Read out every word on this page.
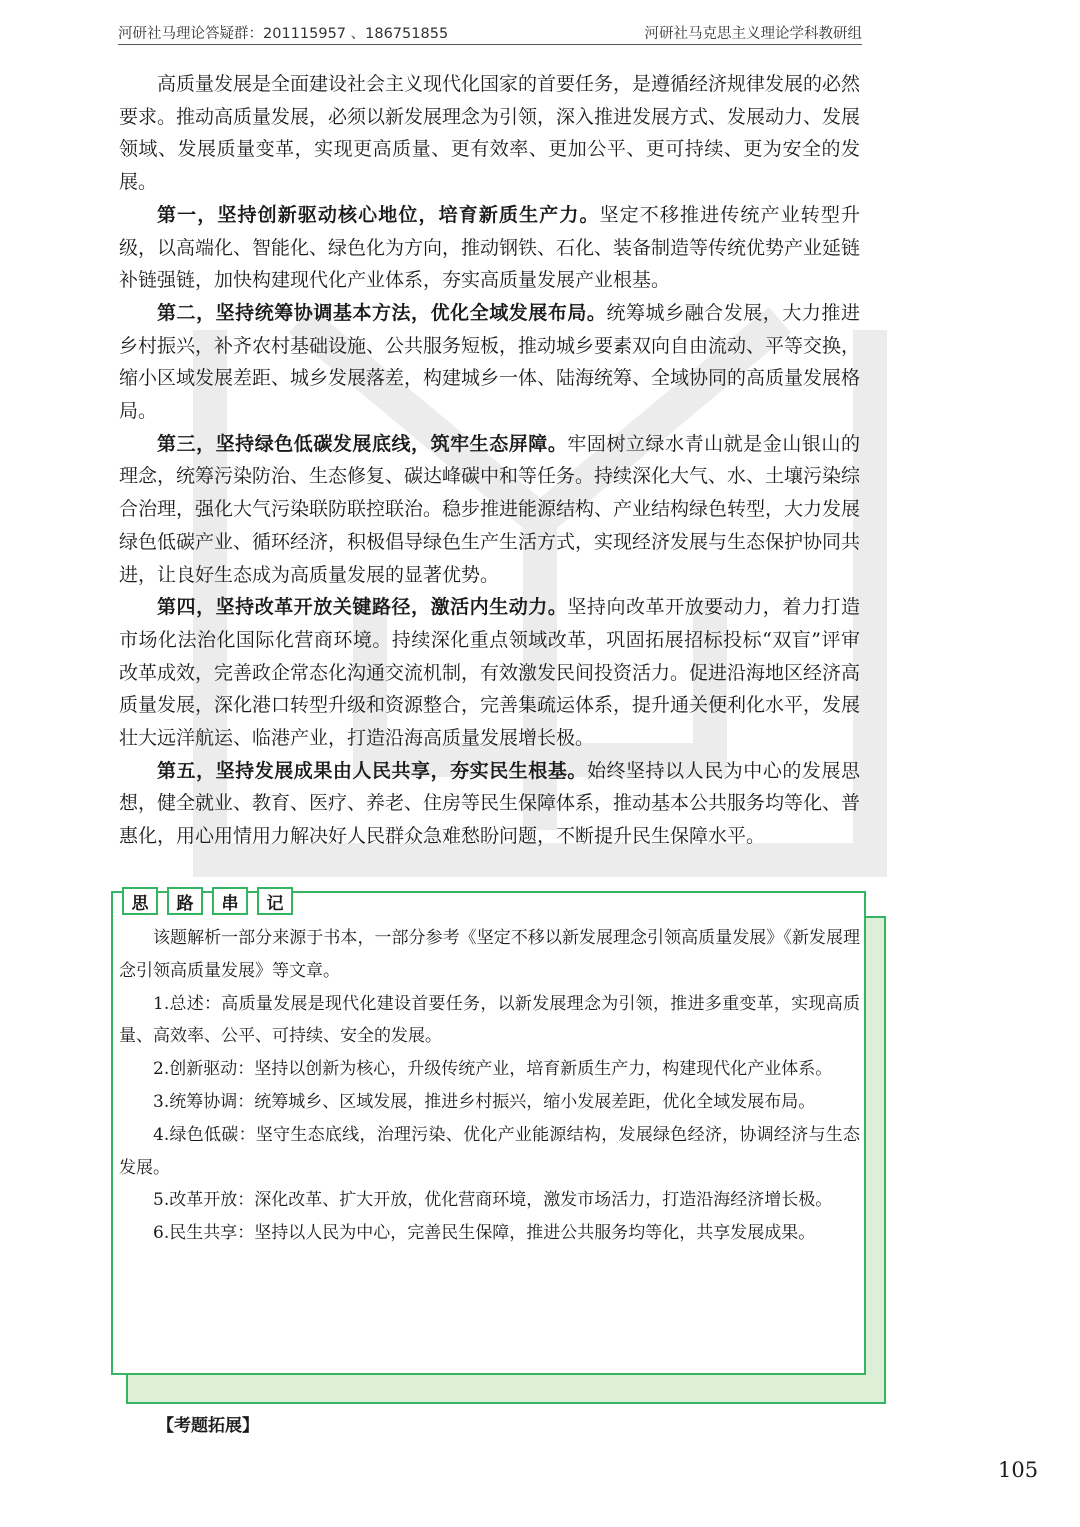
河研社马理论答疑群：201115957 、186751855	河研社马克思主义理论学科教研组

高质量发展是全面建设社会主义现代化国家的首要任务，是遵循经济规律发展的必然要求。推动高质量发展，必须以新发展理念为引领，深入推进发展方式、发展动力、发展领域、发展质量变革，实现更高质量、更有效率、更加公平、更可持续、更为安全的发展。

第一，坚持创新驱动核心地位，培育新质生产力。坚定不移推进传统产业转型升级，以高端化、智能化、绿色化为方向，推动钢铁、石化、装备制造等传统优势产业延链补链强链，加快构建现代化产业体系，夯实高质量发展产业根基。

第二，坚持统筹协调基本方法，优化全域发展布局。统筹城乡融合发展，大力推进乡村振兴，补齐农村基础设施、公共服务短板，推动城乡要素双向自由流动、平等交换，缩小区域发展差距、城乡发展落差，构建城乡一体、陆海统筹、全域协同的高质量发展格局。

第三，坚持绿色低碳发展底线，筑牢生态屏障。牢固树立绿水青山就是金山银山的理念，统筹污染防治、生态修复、碳达峰碳中和等任务。持续深化大气、水、土壤污染综合治理，强化大气污染联防联控联治。稳步推进能源结构、产业结构绿色转型，大力发展绿色低碳产业、循环经济，积极倡导绿色生产生活方式，实现经济发展与生态保护协同共进，让良好生态成为高质量发展的显著优势。

第四，坚持改革开放关键路径，激活内生动力。坚持向改革开放要动力，着力打造市场化法治化国际化营商环境。持续深化重点领域改革，巩固拓展招标投标“双盲”评审改革成效，完善政企常态化沟通交流机制，有效激发民间投资活力。促进沿海地区经济高质量发展，深化港口转型升级和资源整合，完善集疏运体系，提升通关便利化水平，发展壮大远洋航运、临港产业，打造沿海高质量发展增长极。

第五，坚持发展成果由人民共享，夯实民生根基。始终坚持以人民为中心的发展思想，健全就业、教育、医疗、养老、住房等民生保障体系，推动基本公共服务均等化、普惠化，用心用情用力解决好人民群众急难愁盼问题，不断提升民生保障水平。

思	路	串	记

该题解析一部分来源于书本，一部分参考《坚定不移以新发展理念引领高质量发展》《新发展理念引领高质量发展》等文章。

1.总述：高质量发展是现代化建设首要任务，以新发展理念为引领，推进多重变革，实现高质量、高效率、公平、可持续、安全的发展。

2.创新驱动：坚持以创新为核心，升级传统产业，培育新质生产力，构建现代化产业体系。

3.统筹协调：统筹城乡、区域发展，推进乡村振兴，缩小发展差距，优化全域发展布局。

4.绿色低碳：坚守生态底线，治理污染、优化产业能源结构，发展绿色经济，协调经济与生态发展。

5.改革开放：深化改革、扩大开放，优化营商环境，激发市场活力，打造沿海经济增长极。

6.民生共享：坚持以人民为中心，完善民生保障，推进公共服务均等化，共享发展成果。

【考题拓展】
105
